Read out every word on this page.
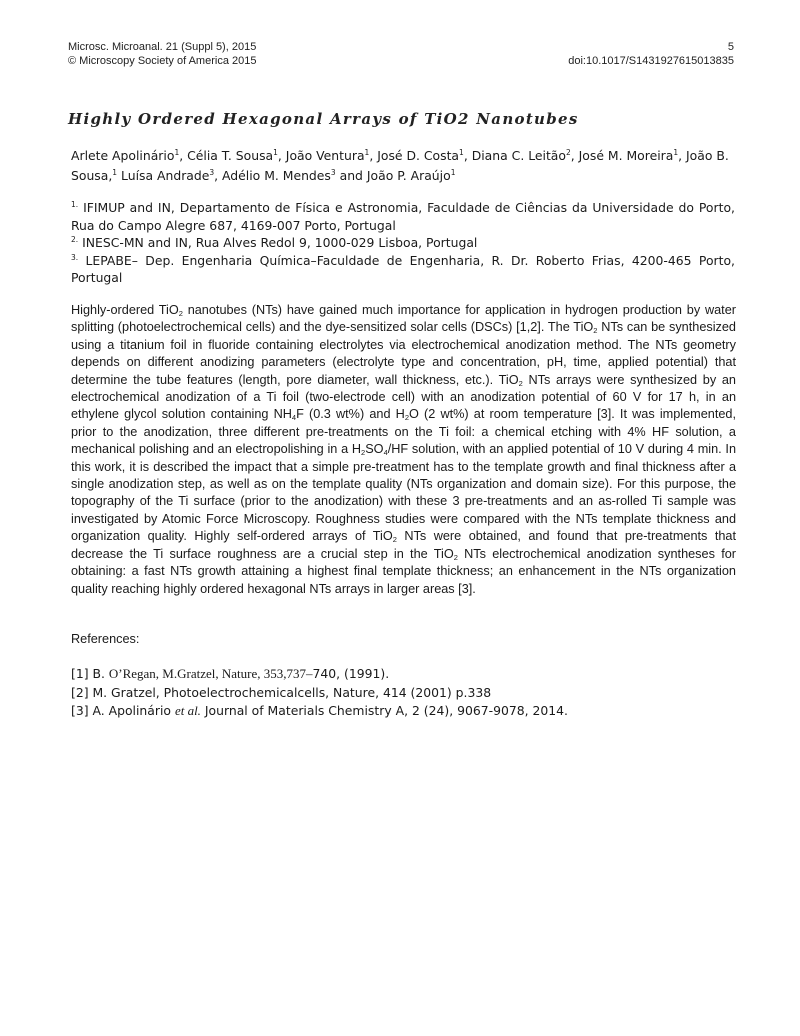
Microsc. Microanal. 21 (Suppl 5), 2015
© Microscopy Society of America 2015
5
doi:10.1017/S1431927615013835
Highly Ordered Hexagonal Arrays of TiO2 Nanotubes
Arlete Apolinário$^1$, Célia T. Sousa$^1$, João Ventura$^1$, José D. Costa$^1$, Diana C. Leitão$^2$, José M. Moreira$^1$, João B. Sousa,$^1$ Luísa Andrade$^3$, Adélio M. Mendes$^3$ and João P. Araújo$^1$

$^{1.}$ IFIMUP and IN, Departamento de Física e Astronomia, Faculdade de Ciências da Universidade do Porto, Rua do Campo Alegre 687, 4169-007 Porto, Portugal

$^{2.}$ INESC-MN and IN, Rua Alves Redol 9, 1000-029 Lisboa, Portugal

$^{3.}$ LEPABE– Dep. Engenharia Química–Faculdade de Engenharia, R. Dr. Roberto Frias, 4200-465 Porto, Portugal

Highly-ordered TiO$_2$ nanotubes (NTs) have gained much importance for application in hydrogen production by water splitting (photoelectrochemical cells) and the dye-sensitized solar cells (DSCs) [1,2]. The TiO$_2$ NTs can be synthesized using a titanium foil in fluoride containing electrolytes via electrochemical anodization method. The NTs geometry depends on different anodizing parameters (electrolyte type and concentration, pH, time, applied potential) that determine the tube features (length, pore diameter, wall thickness, etc.). TiO$_2$ NTs arrays were synthesized by an electrochemical anodization of a Ti foil (two-electrode cell) with an anodization potential of 60 V for 17 h, in an ethylene glycol solution containing $NH_4F$ (0.3 wt%) and $H_2O$ (2 wt%) at room temperature [3]. It was implemented, prior to the anodization, three different pre-treatments on the Ti foil: a chemical etching with 4% HF solution, a mechanical polishing and an electropolishing in a $H_2SO_4/HF$ solution, with an applied potential of 10 V during 4 min. In this work, it is described the impact that a simple pre-treatment has to the template growth and final thickness after a single anodization step, as well as on the template quality (NTs organization and domain size). For this purpose, the topography of the Ti surface (prior to the anodization) with these 3 pre-treatments and an as-rolled Ti sample was investigated by Atomic Force Microscopy. Roughness studies were compared with the NTs template thickness and organization quality. Highly self-ordered arrays of TiO$_2$ NTs were obtained, and found that pre-treatments that decrease the Ti surface roughness are a crucial step in the TiO$_2$ NTs electrochemical anodization syntheses for obtaining: a fast NTs growth attaining a highest final template thickness; an enhancement in the NTs organization quality reaching highly ordered hexagonal NTs arrays in larger areas [3].
References:
[1] B. O’Regan, M.Gratzel, Nature, 353,737–740, (1991).
[2] M. Gratzel, Photoelectrochemicalcells, Nature, 414 (2001) p.338
[3] A. Apolinário et al. Journal of Materials Chemistry A, 2 (24), 9067-9078, 2014.
